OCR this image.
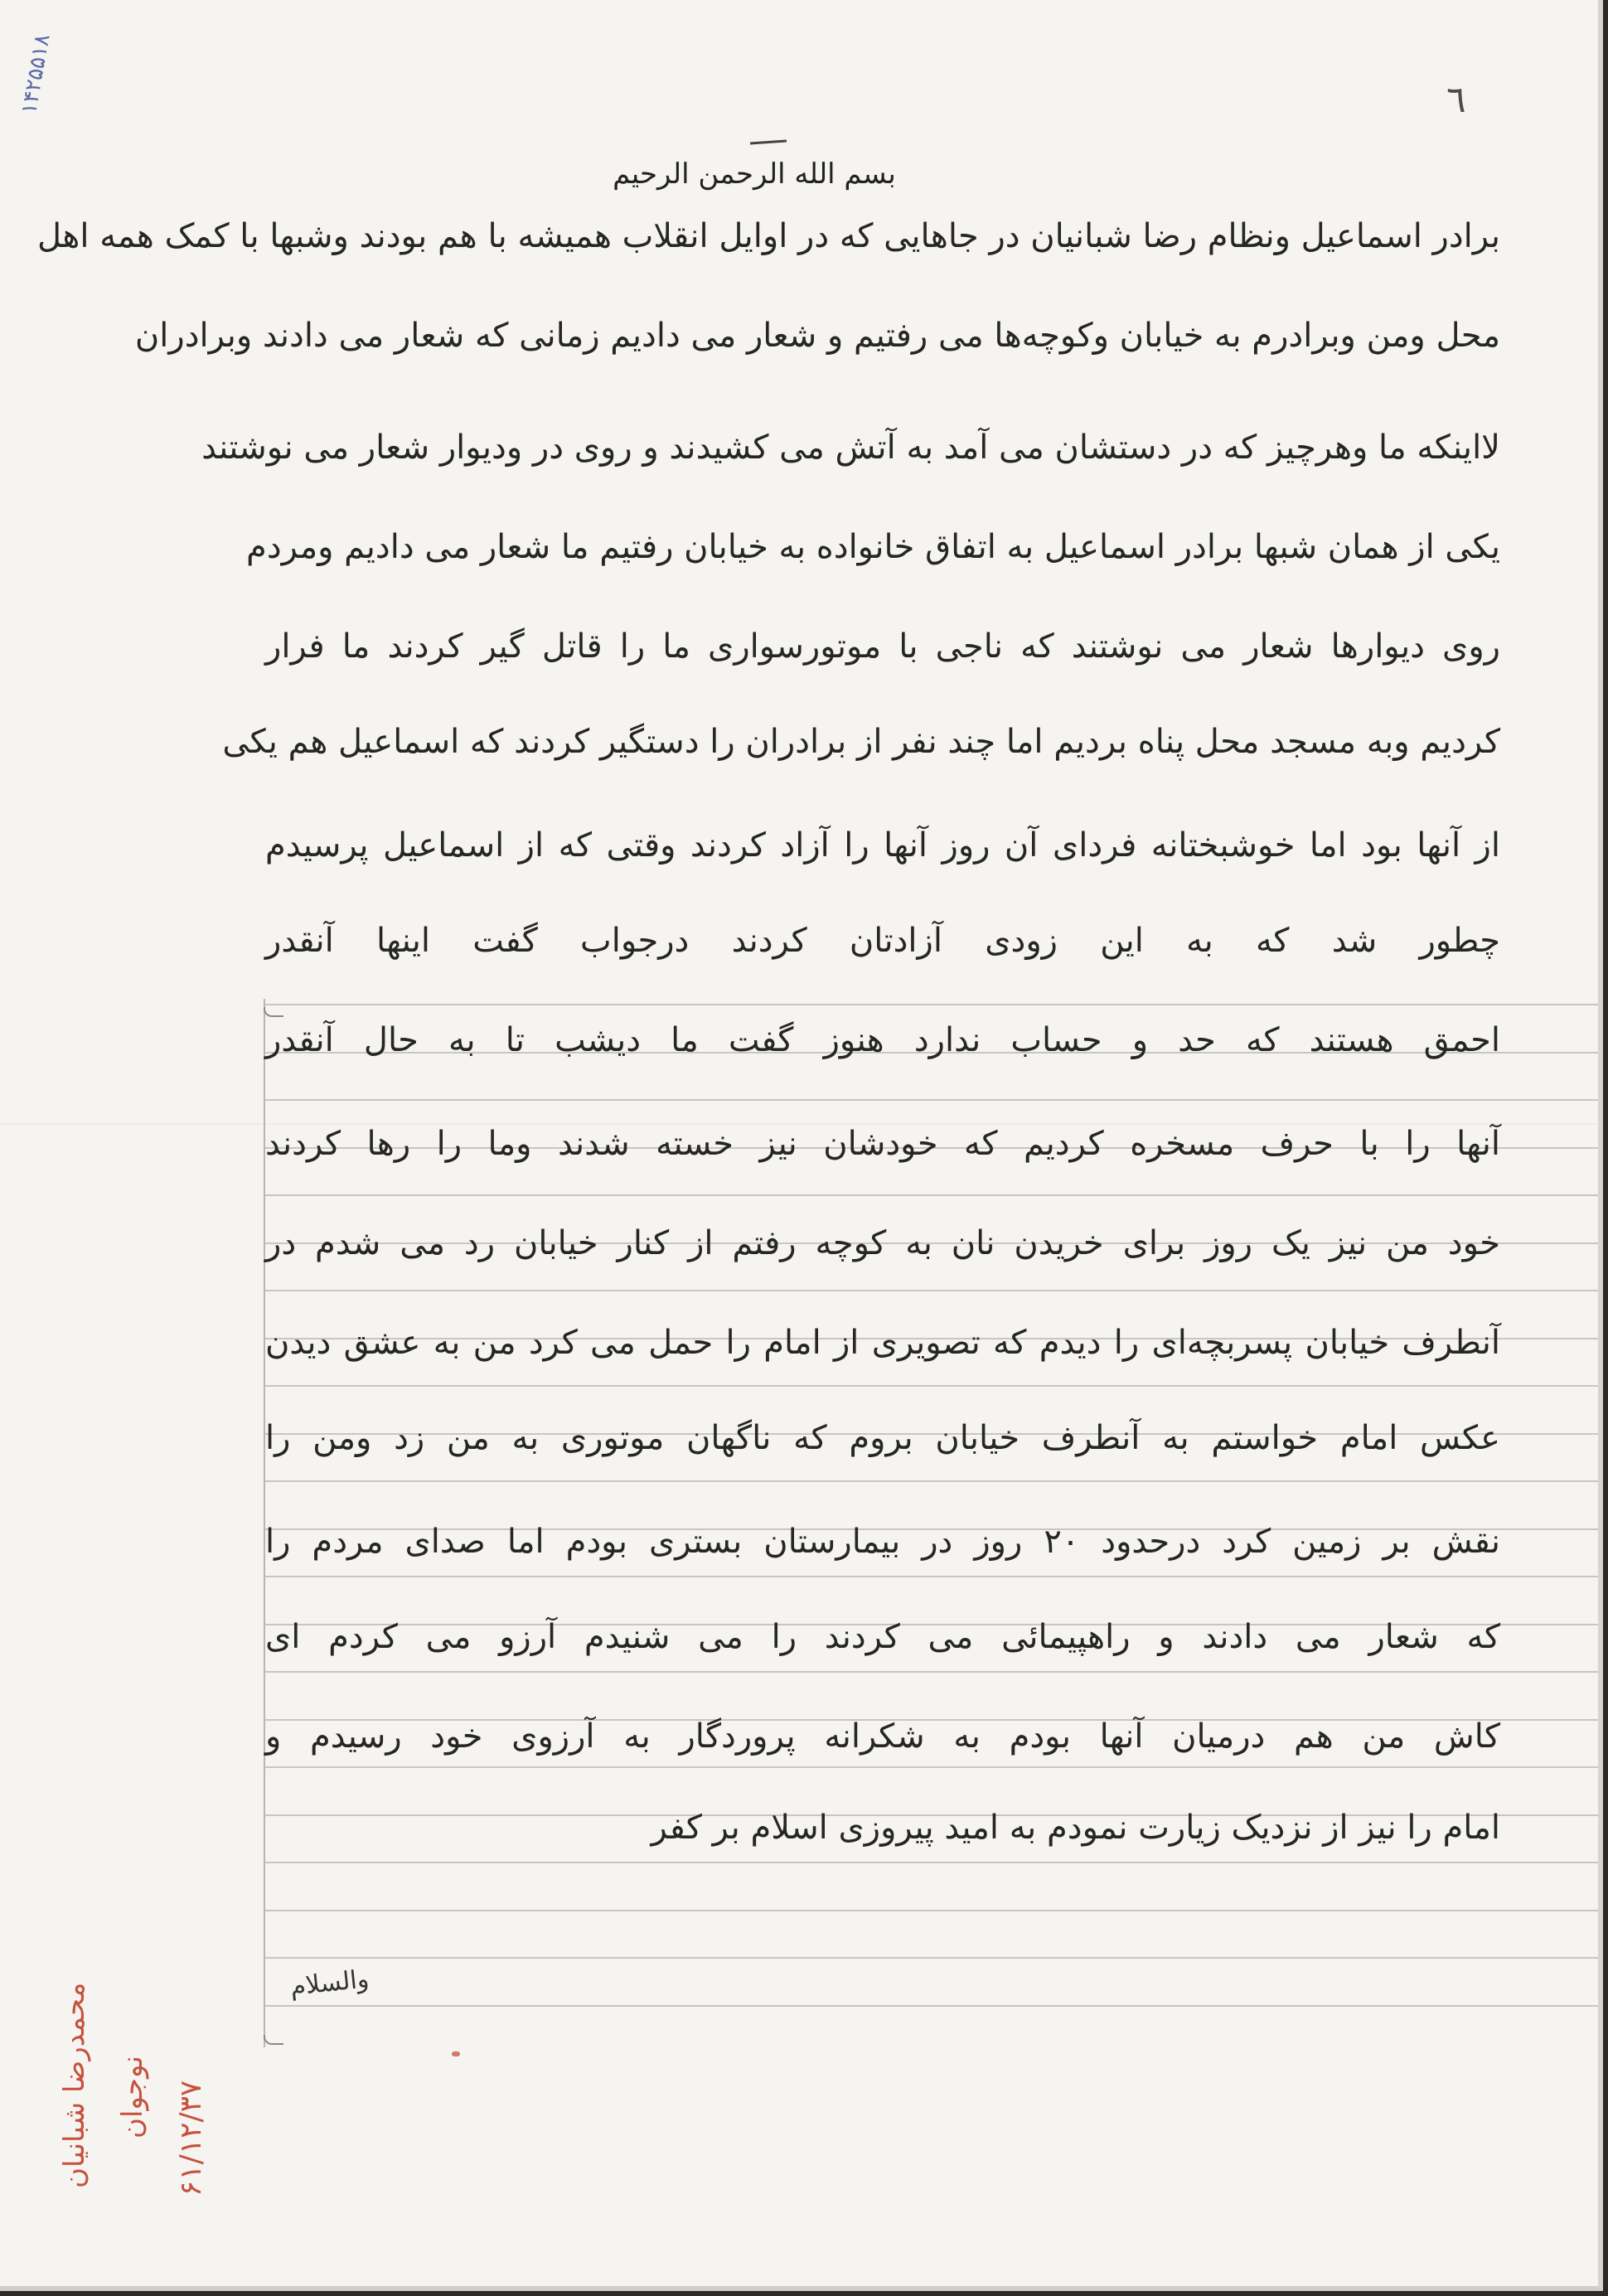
٦

۱۴۲۵۵۱۸

بسم الله الرحمن الرحیم

برادر اسماعیل ونظام رضا شبانیان در جاهایی که در اوایل انقلاب همیشه با هم بودند وشبها با کمک همه اهل

محل ومن وبرادرم به خیابان وکوچه‌ها می رفتیم و شعار می دادیم زمانی که شعار می دادند وبرادران

لااینکه ما وهرچیز که در دستشان می آمد به آتش می کشیدند و روی در ودیوار شعار می نوشتند

یکی از همان شبها برادر اسماعیل به اتفاق خانواده به خیابان رفتیم ما شعار می دادیم ومردم

روی دیوارها شعار می نوشتند که ناجی با موتورسواری ما را قاتل گیر کردند ما فرار

کردیم وبه مسجد محل پناه بردیم اما چند نفر از برادران را دستگیر کردند که اسماعیل هم یکی

از آنها بود اما خوشبختانه فردای آن روز آنها را آزاد کردند وقتی که از اسماعیل پرسیدم

چطور شد که به این زودی آزادتان کردند درجواب گفت اینها آنقدر

احمق هستند که حد و حساب ندارد هنوز گفت ما دیشب تا به حال آنقدر

آنها را با حرف مسخره کردیم که خودشان نیز خسته شدند وما را رها کردند

خود من نیز یک روز برای خریدن نان به کوچه رفتم از کنار خیابان رد می شدم در

آنطرف خیابان پسربچه‌ای را دیدم که تصویری از امام را حمل می کرد من به عشق دیدن

عکس امام خواستم به آنطرف خیابان بروم که ناگهان موتوری به من زد ومن را

نقش بر زمین کرد درحدود ۲۰ روز در بیمارستان بستری بودم اما صدای مردم را

که شعار می دادند و راهپیمائی می کردند را می شنیدم آرزو می کردم ای

کاش من هم درمیان آنها بودم به شکرانه پروردگار به آرزوی خود رسیدم و

امام را نیز از نزدیک زیارت نمودم به امید پیروزی اسلام بر کفر

والسلام

محمدرضا شبانیان نوجوان ۶۱/۱۲/۳۷
